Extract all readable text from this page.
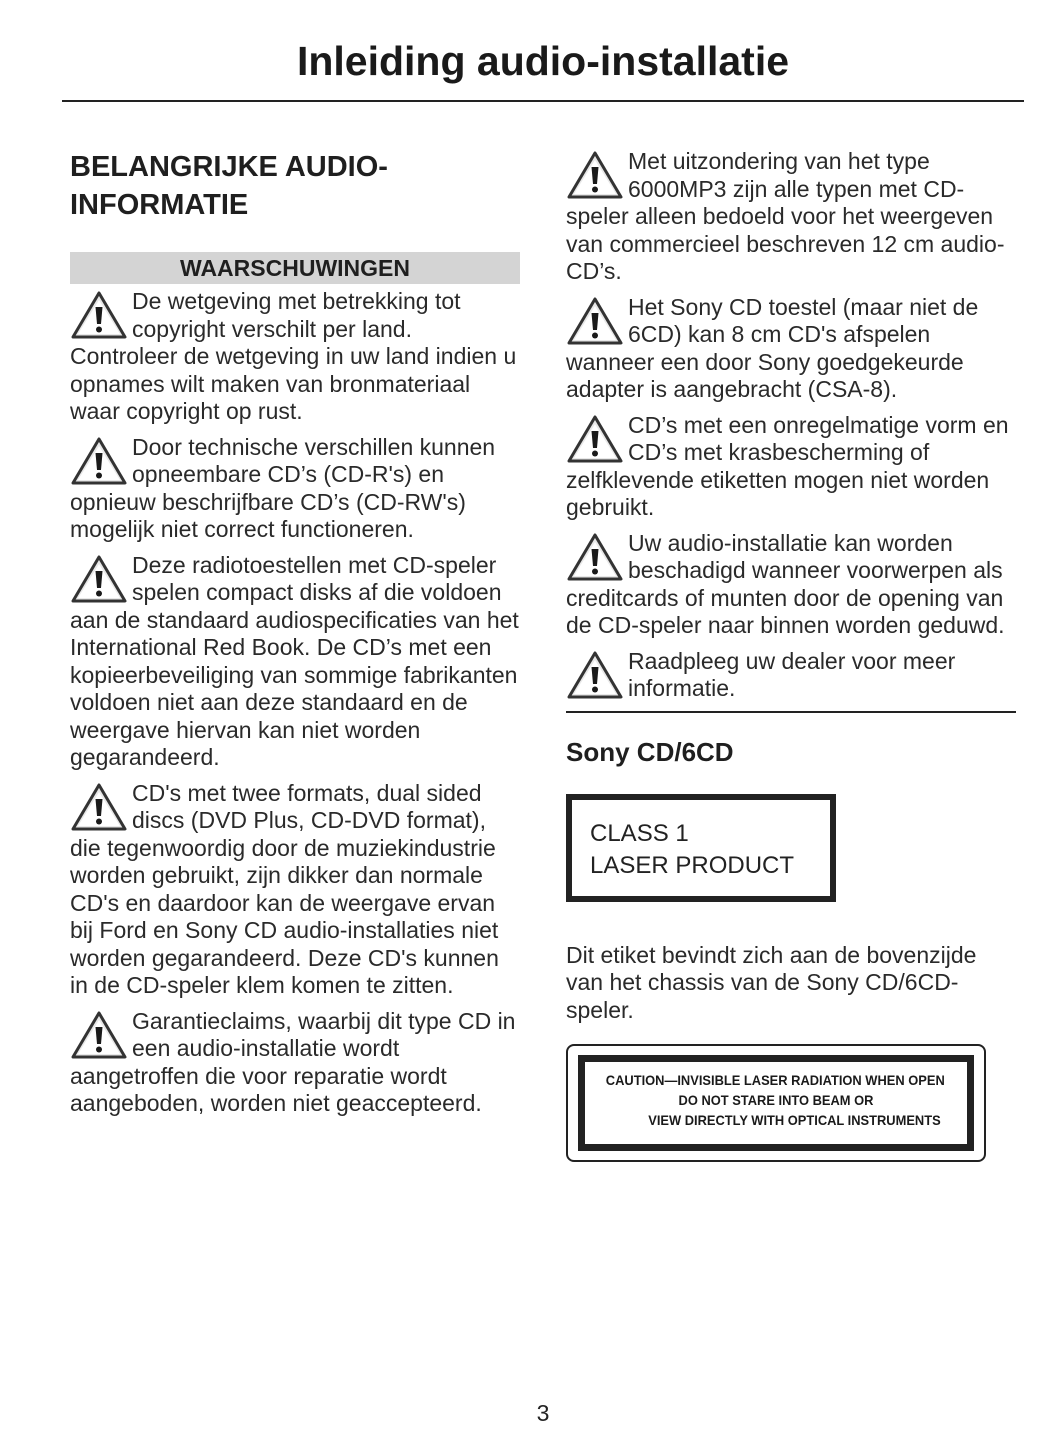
Inleiding audio-installatie
BELANGRIJKE AUDIO-
INFORMATIE
WAARSCHUWINGEN
De wetgeving met betrekking tot copyright verschilt per land. Controleer de wetgeving in uw land indien u opnames wilt maken van bronmateriaal waar copyright op rust.
Door technische verschillen kunnen opneembare CD’s (CD-R's) en opnieuw beschrijfbare CD’s (CD-RW's) mogelijk niet correct functioneren.
Deze radiotoestellen met CD-speler spelen compact disks af die voldoen aan de standaard audiospecificaties van het International Red Book. De CD’s met een kopieerbeveiliging van sommige fabrikanten voldoen niet aan deze standaard en de weergave hiervan kan niet worden gegarandeerd.
CD's met twee formats, dual sided discs (DVD Plus, CD-DVD format), die tegenwoordig door de muziekindustrie worden gebruikt, zijn dikker dan normale CD's en daardoor kan de weergave ervan bij Ford en Sony CD audio-installaties niet worden gegarandeerd. Deze CD's kunnen in de CD-speler klem komen te zitten.
Garantieclaims, waarbij dit type CD in een audio-installatie wordt aangetroffen die voor reparatie wordt aangeboden, worden niet geaccepteerd.
Met uitzondering van het type 6000MP3 zijn alle typen met CD-speler alleen bedoeld voor het weergeven van commercieel beschreven 12 cm audio-CD’s.
Het Sony CD toestel (maar niet de 6CD) kan 8 cm CD's afspelen wanneer een door Sony goedgekeurde adapter is aangebracht (CSA-8).
CD’s met een onregelmatige vorm en CD’s met krasbescherming of zelfklevende etiketten mogen niet worden gebruikt.
Uw audio-installatie kan worden beschadigd wanneer voorwerpen als creditcards of munten door de opening van de CD-speler naar binnen worden geduwd.
Raadpleeg uw dealer voor meer informatie.
Sony CD/6CD
CLASS 1
LASER PRODUCT

Dit etiket bevindt zich aan de bovenzijde van het chassis van de Sony CD/6CD-speler.

CAUTION—INVISIBLE LASER RADIATION WHEN OPEN
DO NOT STARE INTO BEAM OR
VIEW DIRECTLY WITH OPTICAL INSTRUMENTS
3
